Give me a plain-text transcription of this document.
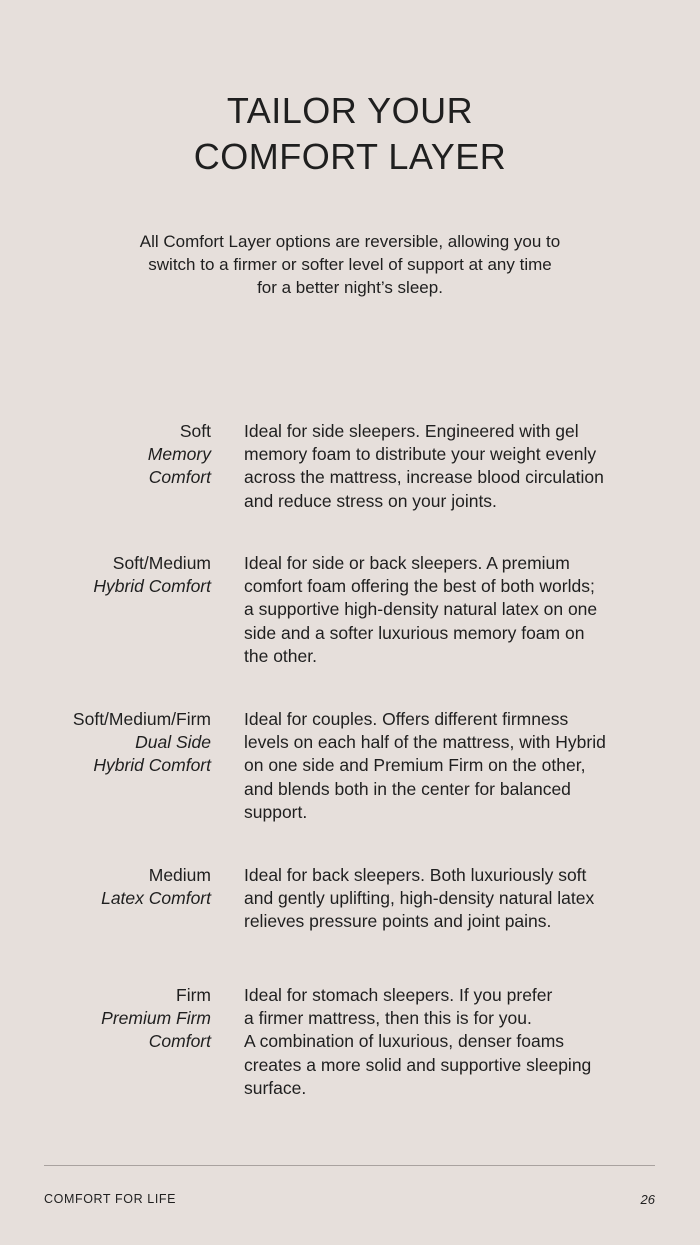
TAILOR YOUR
COMFORT LAYER
All Comfort Layer options are reversible, allowing you to
switch to a firmer or softer level of support at any time
for a better night’s sleep.
Soft
Memory
Comfort
Ideal for side sleepers. Engineered with gel
memory foam to distribute your weight evenly
across the mattress, increase blood circulation
and reduce stress on your joints.
Soft/Medium
Hybrid Comfort
Ideal for side or back sleepers. A premium
comfort foam offering the best of both worlds;
a supportive high-density natural latex on one
side and a softer luxurious memory foam on
the other.
Soft/Medium/Firm
Dual Side
Hybrid Comfort
Ideal for couples. Offers different firmness
levels on each half of the mattress, with Hybrid
on one side and Premium Firm on the other,
and blends both in the center for balanced
support.
Medium
Latex Comfort
Ideal for back sleepers. Both luxuriously soft
and gently uplifting, high-density natural latex
relieves pressure points and joint pains.
Firm
Premium Firm
Comfort
Ideal for stomach sleepers. If you prefer
a firmer mattress, then this is for you.
A combination of luxurious, denser foams
creates a more solid and supportive sleeping
surface.
COMFORT FOR LIFE	26
